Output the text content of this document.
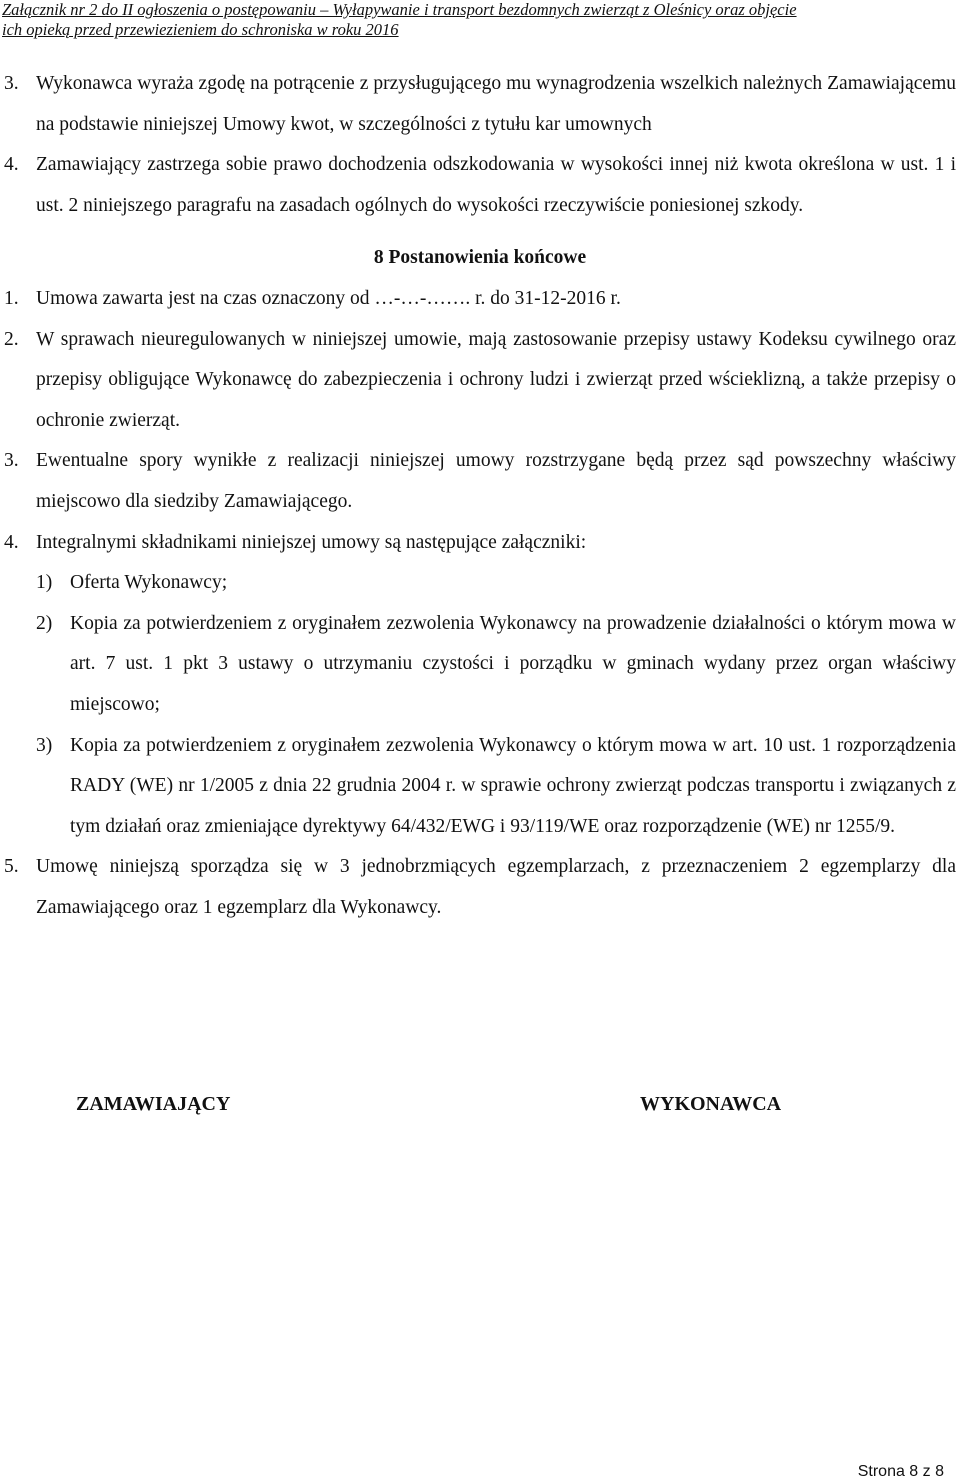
Załącznik nr 2 do II ogłoszenia o postępowaniu – Wyłapywanie i transport bezdomnych zwierząt z Oleśnicy oraz objęcie
ich opieką przed przewiezieniem do schroniska w roku 2016
3. Wykonawca wyraża zgodę na potrącenie z przysługującego mu wynagrodzenia wszelkich należnych Zamawiającemu na podstawie niniejszej Umowy kwot, w szczególności z tytułu kar umownych
4. Zamawiający zastrzega sobie prawo dochodzenia odszkodowania w wysokości innej niż kwota określona w ust. 1 i ust. 2 niniejszego paragrafu na zasadach ogólnych do wysokości rzeczywiście poniesionej szkody.
8 Postanowienia końcowe
1. Umowa zawarta jest na czas oznaczony od …-…-……. r. do 31-12-2016 r.
2. W sprawach nieuregulowanych w niniejszej umowie, mają zastosowanie przepisy ustawy Kodeksu cywilnego oraz przepisy obligujące Wykonawcę do zabezpieczenia i ochrony ludzi i zwierząt przed wścieklizną, a także przepisy o ochronie zwierząt.
3. Ewentualne spory wynikłe z realizacji niniejszej umowy rozstrzygane będą przez sąd powszechny właściwy miejscowo dla siedziby Zamawiającego.
4. Integralnymi składnikami niniejszej umowy są następujące załączniki:
1) Oferta Wykonawcy;
2) Kopia za potwierdzeniem z oryginałem zezwolenia Wykonawcy na prowadzenie działalności o którym mowa w art. 7 ust. 1 pkt 3 ustawy o utrzymaniu czystości i porządku w gminach wydany przez organ właściwy miejscowo;
3) Kopia za potwierdzeniem z oryginałem zezwolenia Wykonawcy o którym mowa w art. 10 ust. 1 rozporządzenia RADY (WE) nr 1/2005 z dnia 22 grudnia 2004 r. w sprawie ochrony zwierząt podczas transportu i związanych z tym działań oraz zmieniające dyrektywy 64/432/EWG i 93/119/WE oraz rozporządzenie (WE) nr 1255/9.
5. Umowę niniejszą sporządza się w 3 jednobrzmiących egzemplarzach, z przeznaczeniem 2 egzemplarzy dla Zamawiającego oraz 1 egzemplarz dla Wykonawcy.
ZAMAWIAJĄCY	WYKONAWCA
Strona 8 z 8
